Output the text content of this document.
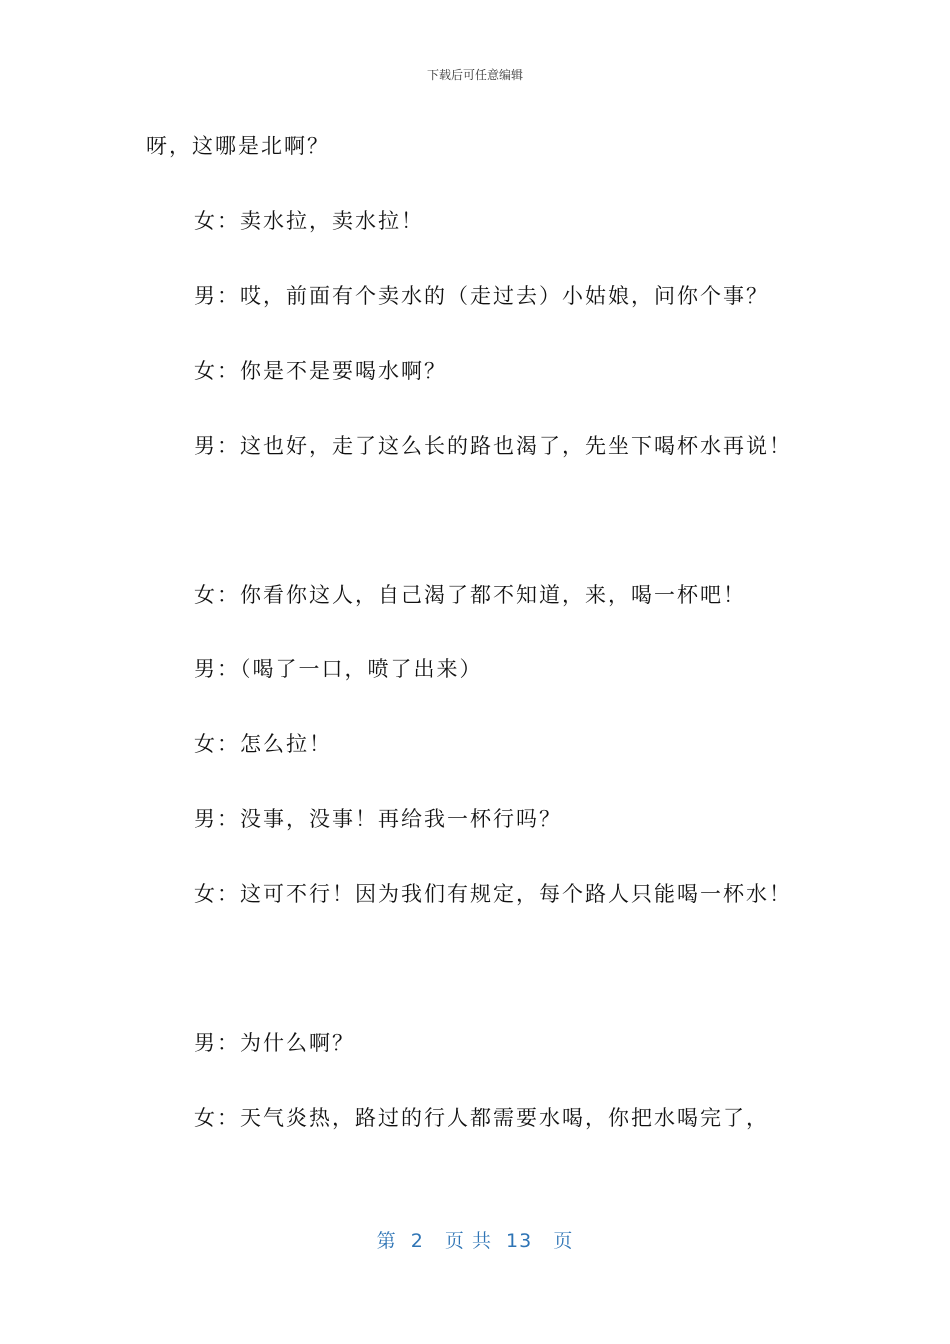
下载后可任意编辑
呀，这哪是北啊？
女：卖水拉，卖水拉！
男：哎，前面有个卖水的（走过去）小姑娘，问你个事？
女：你是不是要喝水啊？
男：这也好，走了这么长的路也渴了，先坐下喝杯水再说！
女：你看你这人，自己渴了都不知道，来，喝一杯吧！
男：（喝了一口，喷了出来）
女：怎么拉！
男：没事，没事！再给我一杯行吗？
女：这可不行！因为我们有规定，每个路人只能喝一杯水！
男：为什么啊？
女：天气炎热，路过的行人都需要水喝，你把水喝完了，
第  2   页 共  13   页
